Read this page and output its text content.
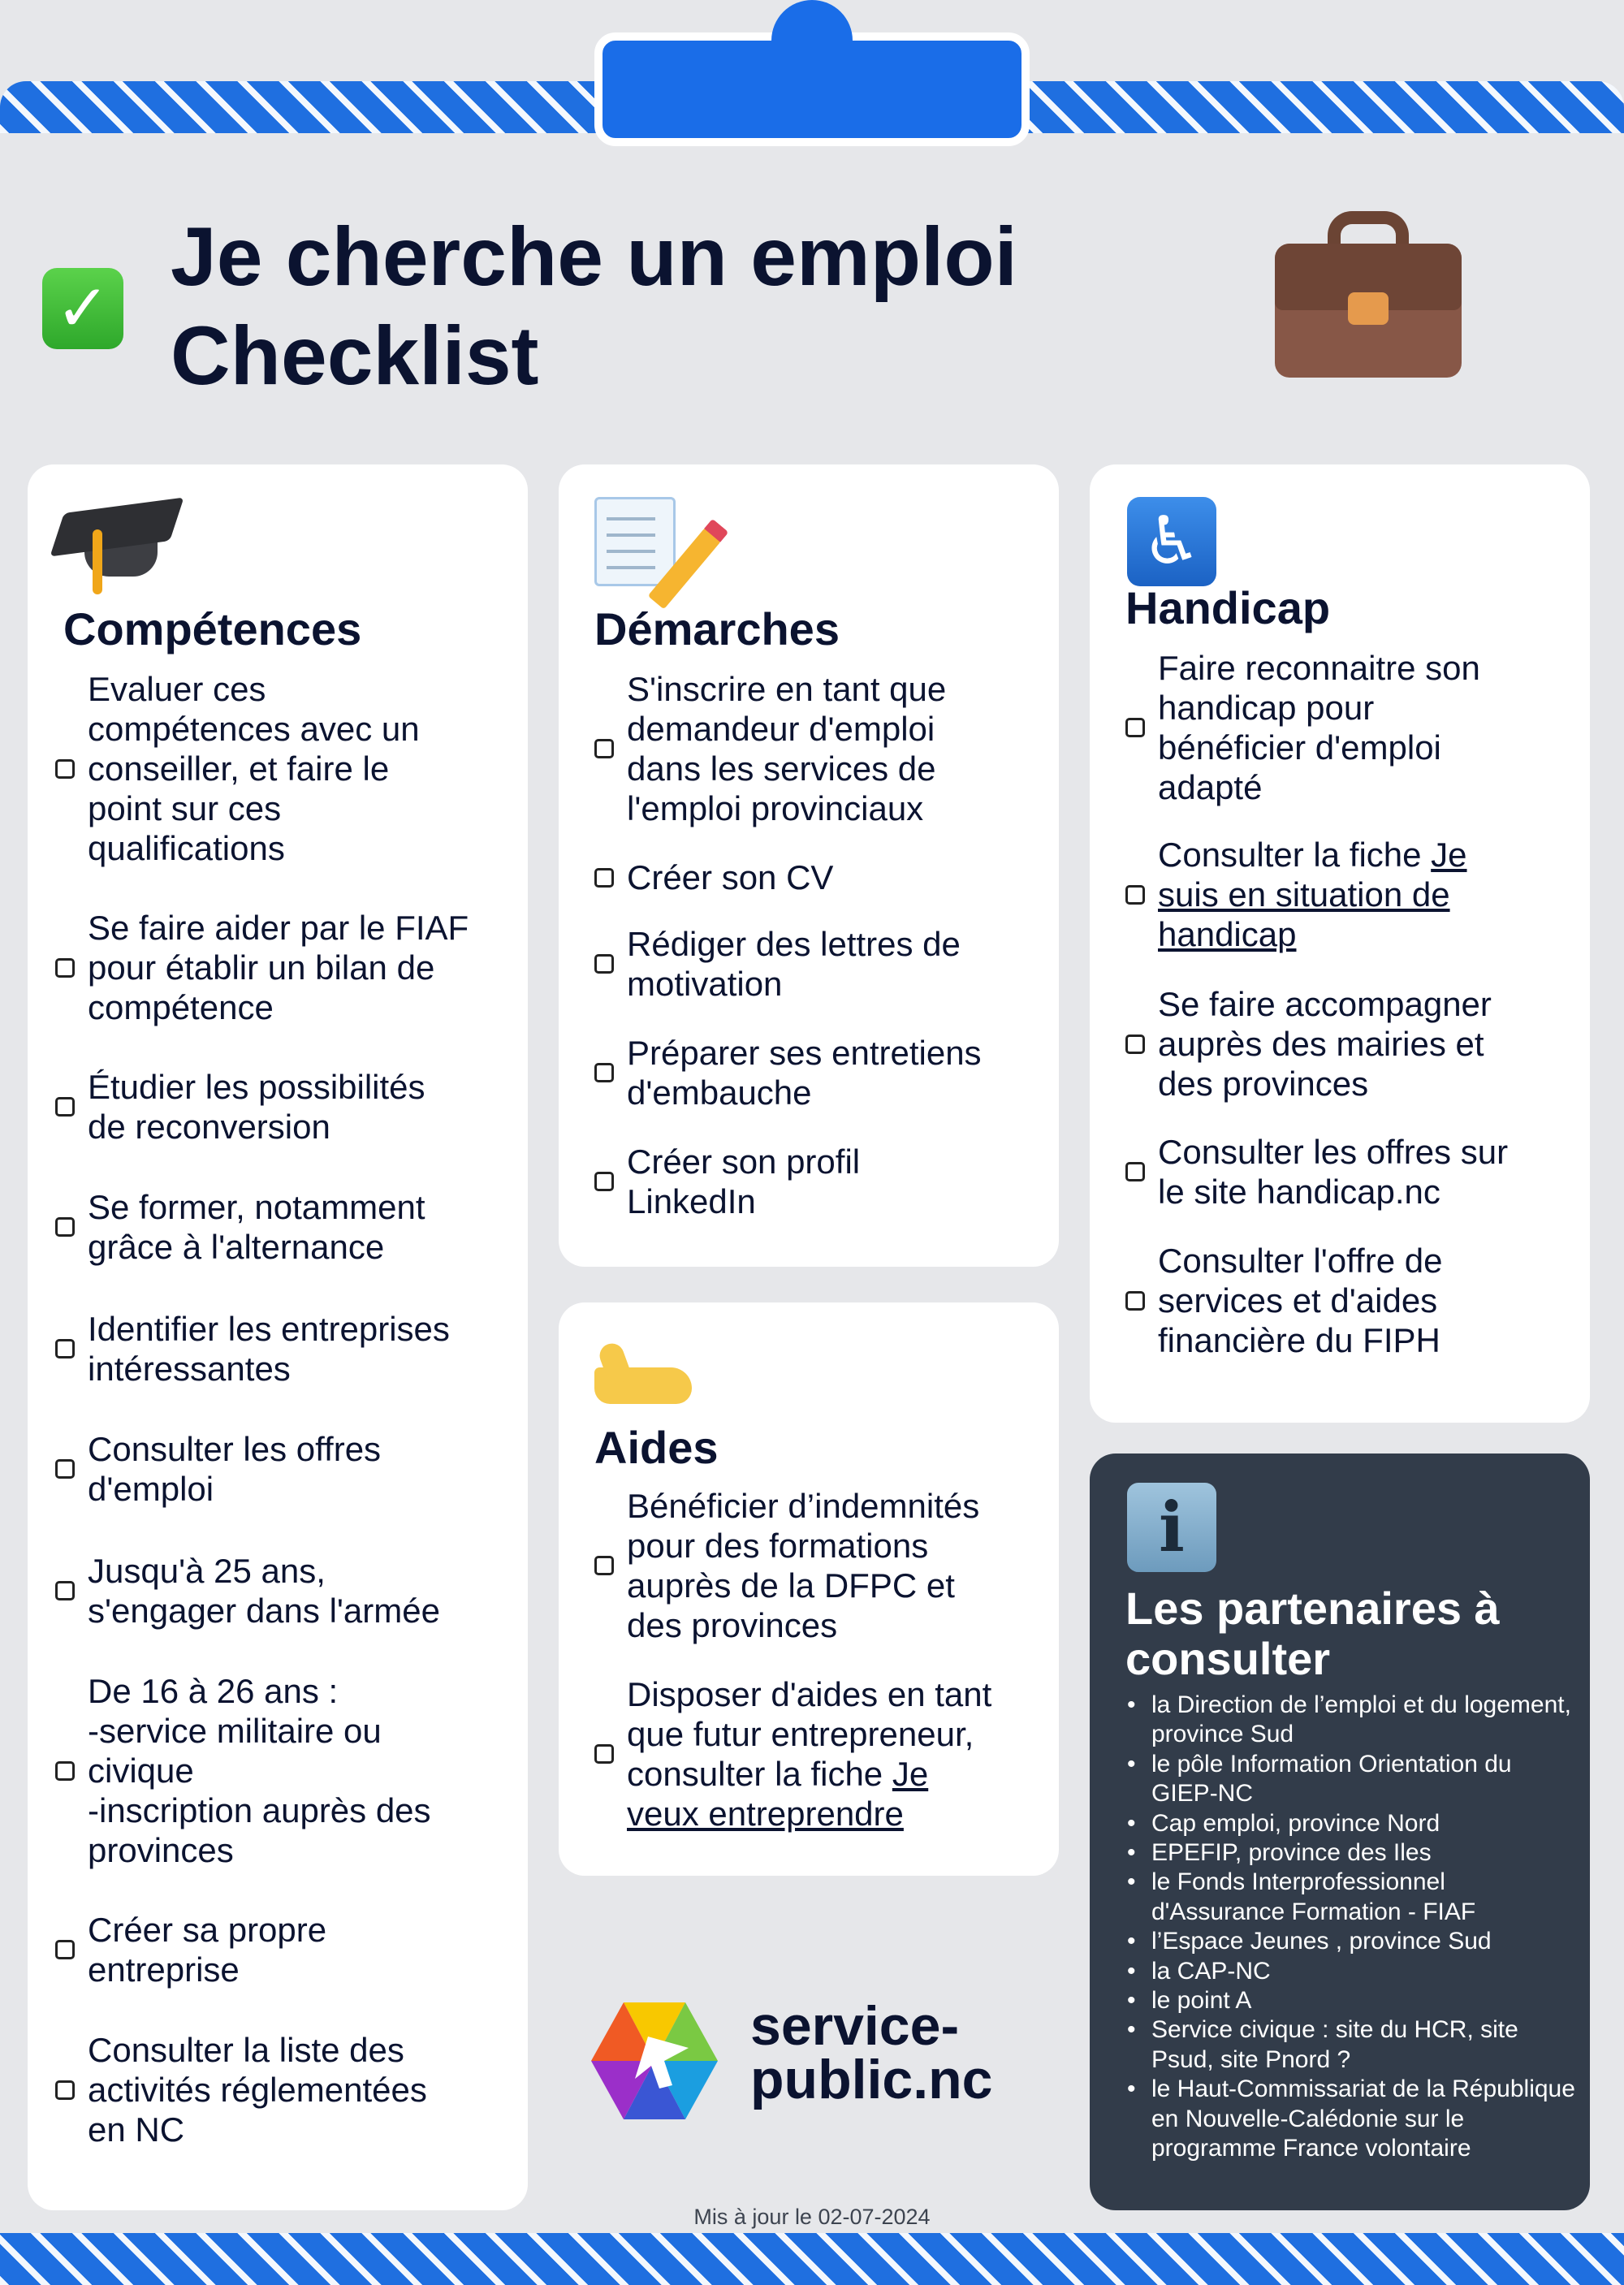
✓
Je cherche un emploi
Checklist
Compétences
Evaluer ces
compétences avec un
conseiller, et faire le
point sur ces
qualifications
Se faire aider par le FIAF
pour établir un bilan de
compétence
Étudier les possibilités
de reconversion
Se former, notamment
grâce à l'alternance
Identifier les entreprises
intéressantes
Consulter les offres
d'emploi
Jusqu'à 25 ans,
s'engager dans l'armée
De 16 à 26 ans :
-service militaire ou
civique
-inscription auprès des
provinces
Créer sa propre
entreprise
Consulter la liste des
activités réglementées
en NC
Démarches
S'inscrire en tant que
demandeur d'emploi
dans les services de
l'emploi provinciaux
Créer son CV
Rédiger des lettres de
motivation
Préparer ses entretiens
d'embauche
Créer son profil
LinkedIn
Aides
Bénéficier d’indemnités
pour des formations
auprès de la DFPC et
des provinces
Disposer d'aides en tant
que futur entrepreneur,
consulter la fiche Je
veux entreprendre
♿
Handicap
Faire reconnaitre son
handicap pour
bénéficier d'emploi
adapté
Consulter la fiche Je
suis en situation de
handicap
Se faire accompagner
auprès des mairies et
des provinces
Consulter les offres sur
le site handicap.nc
Consulter l'offre de
services et d'aides
financière du FIPH
i
Les partenaires à
consulter
• la Direction de l’emploi et du logement, province Sud
• le pôle Information Orientation du GIEP-NC
• Cap emploi, province Nord
• EPEFIP, province des Iles
• le Fonds Interprofessionnel d'Assurance Formation - FIAF
• l’Espace Jeunes , province Sud
• la CAP-NC
• le point A
• Service civique : site du HCR, site Psud, site Pnord ?
• le Haut-Commissariat de la République en Nouvelle-Calédonie sur le programme France volontaire
service-
public.nc
Mis à jour le 02-07-2024
